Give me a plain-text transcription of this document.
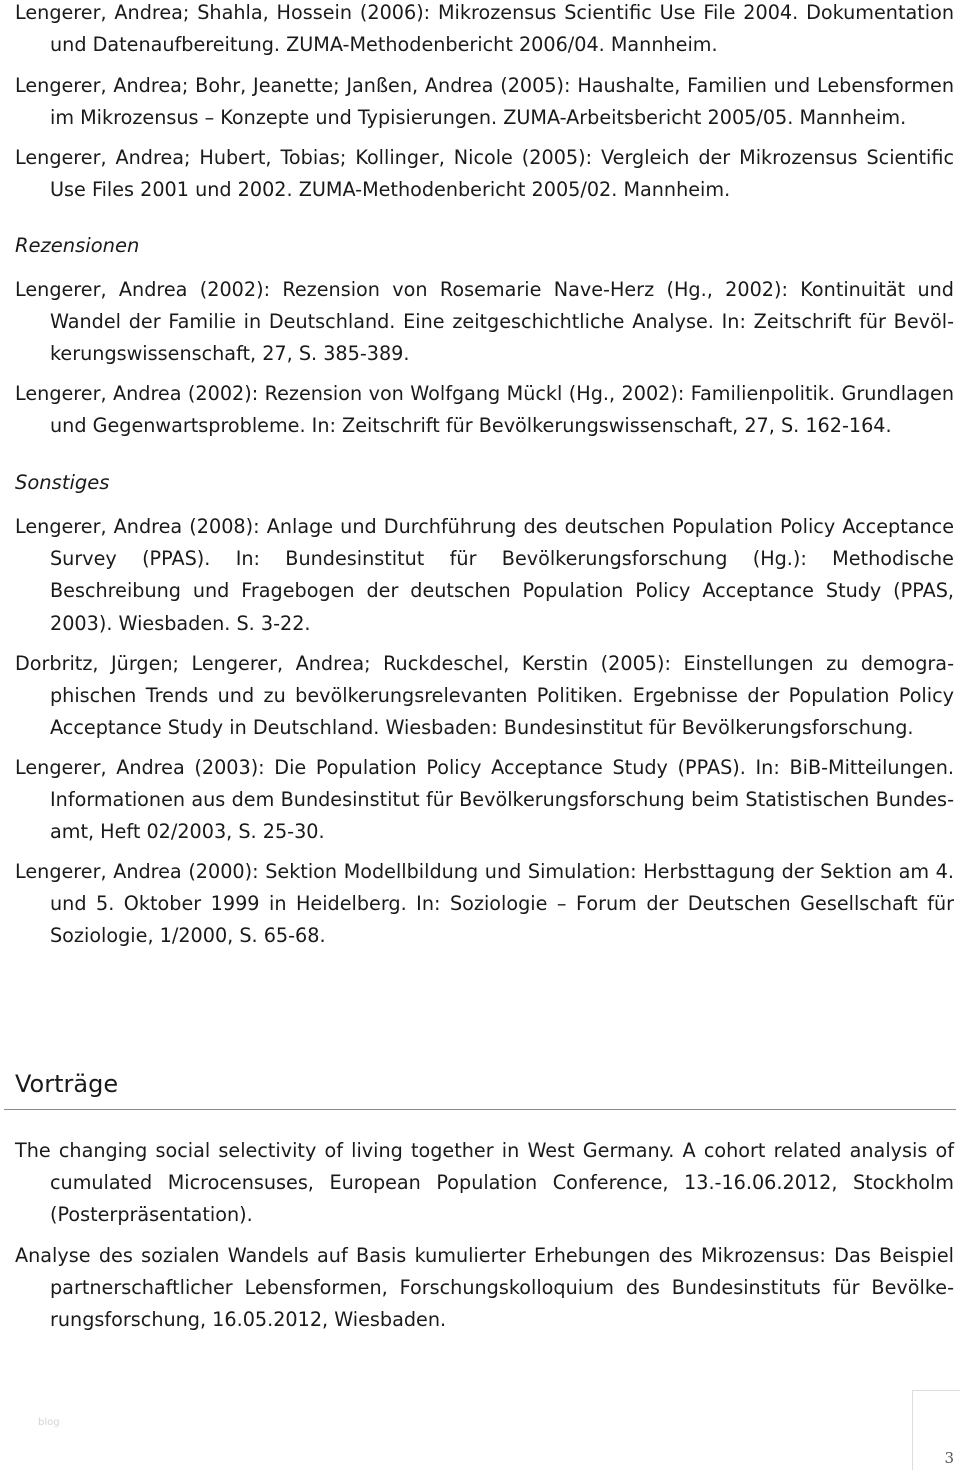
Lengerer, Andrea; Shahla, Hossein (2006): Mikrozensus Scientific Use File 2004. Dokumentation und Datenaufbereitung. ZUMA-Methodenbericht 2006/04. Mannheim.

Lengerer, Andrea; Bohr, Jeanette; Janßen, Andrea (2005): Haushalte, Familien und Lebensformen im Mikrozensus – Konzepte und Typisierungen. ZUMA-Arbeitsbericht 2005/05. Mannheim.

Lengerer, Andrea; Hubert, Tobias; Kollinger, Nicole (2005): Vergleich der Mikrozensus Scientific Use Files 2001 und 2002. ZUMA-Methodenbericht 2005/02. Mannheim.

Rezensionen

Lengerer, Andrea (2002): Rezension von Rosemarie Nave-Herz (Hg., 2002): Kontinuität und Wandel der Familie in Deutschland. Eine zeitgeschichtliche Analyse. In: Zeitschrift für Bevölkerungswissenschaft, 27, S. 385-389.

Lengerer, Andrea (2002): Rezension von Wolfgang Mückl (Hg., 2002): Familienpolitik. Grundlagen und Gegenwartsprobleme. In: Zeitschrift für Bevölkerungswissenschaft, 27, S. 162-164.

Sonstiges

Lengerer, Andrea (2008): Anlage und Durchführung des deutschen Population Policy Acceptance Survey (PPAS). In: Bundesinstitut für Bevölkerungsforschung (Hg.): Methodische Beschreibung und Fragebogen der deutschen Population Policy Acceptance Study (PPAS, 2003). Wiesbaden. S. 3-22.

Dorbritz, Jürgen; Lengerer, Andrea; Ruckdeschel, Kerstin (2005): Einstellungen zu demographischen Trends und zu bevölkerungsrelevanten Politiken. Ergebnisse der Population Policy Acceptance Study in Deutschland. Wiesbaden: Bundesinstitut für Bevölkerungsforschung.

Lengerer, Andrea (2003): Die Population Policy Acceptance Study (PPAS). In: BiB-Mitteilungen. Informationen aus dem Bundesinstitut für Bevölkerungsforschung beim Statistischen Bundesamt, Heft 02/2003, S. 25-30.

Lengerer, Andrea (2000): Sektion Modellbildung und Simulation: Herbsttagung der Sektion am 4. und 5. Oktober 1999 in Heidelberg. In: Soziologie – Forum der Deutschen Gesellschaft für Soziologie, 1/2000, S. 65-68.

Vorträge

The changing social selectivity of living together in West Germany. A cohort related analysis of cumulated Microcensuses, European Population Conference, 13.-16.06.2012, Stockholm (Posterpräsentation).

Analyse des sozialen Wandels auf Basis kumulierter Erhebungen des Mikrozensus: Das Beispiel partnerschaftlicher Lebensformen, Forschungskolloquium des Bundesinstituts für Bevölkerungsforschung, 16.05.2012, Wiesbaden.

blog
3
